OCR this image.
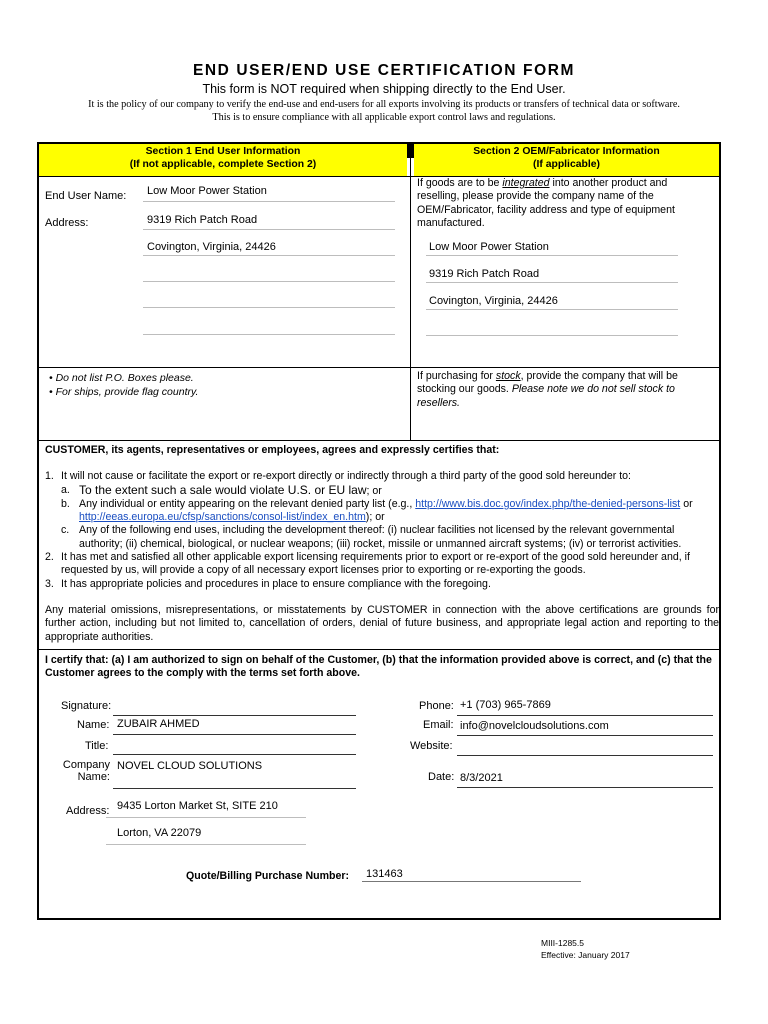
END USER/END USE CERTIFICATION FORM
This form is NOT required when shipping directly to the End User.
It is the policy of our company to verify the end-use and end-users for all exports involving its products or transfers of technical data or software.
This is to ensure compliance with all applicable export control laws and regulations.
Section 1 End User Information
(If not applicable, complete Section 2)
Section 2 OEM/Fabricator Information
(If applicable)
End User Name: Low Moor Power Station
Address:	9319 Rich Patch Road
Covington, Virginia, 24426
• Do not list P.O. Boxes please.
• For ships, provide flag country.
If goods are to be integrated into another product and reselling, please provide the company name of the OEM/Fabricator, facility address and type of equipment manufactured.
Low Moor Power Station
9319 Rich Patch Road
Covington, Virginia, 24426
If purchasing for stock, provide the company that will be stocking our goods. Please note we do not sell stock to resellers.

CUSTOMER, its agents, representatives or employees, agrees and expressly certifies that:

1. It will not cause or facilitate the export or re-export directly or indirectly through a third party of the good sold hereunder to:
a. To the extent such a sale would violate U.S. or EU law; or
b. Any individual or entity appearing on the relevant denied party list (e.g., http://www.bis.doc.gov/index.php/the-denied-persons-list or http://eeas.europa.eu/cfsp/sanctions/consol-list/index_en.htm); or
c. Any of the following end uses, including the development thereof: (i) nuclear facilities not licensed by the relevant governmental authority; (ii) chemical, biological, or nuclear weapons; (iii) rocket, missile or unmanned aircraft systems; (iv) or terrorist activities.
2. It has met and satisfied all other applicable export licensing requirements prior to export or re-export of the good sold hereunder and, if requested by us, will provide a copy of all necessary export licenses prior to exporting or re-exporting the goods.
3. It has appropriate policies and procedures in place to ensure compliance with the foregoing.

Any material omissions, misrepresentations, or misstatements by CUSTOMER in connection with the above certifications are grounds for further action, including but not limited to, cancellation of orders, denial of future business, and appropriate legal action and reporting to the appropriate authorities.

I certify that: (a) I am authorized to sign on behalf of the Customer, (b) that the information provided above is correct, and (c) that the Customer agrees to the comply with the terms set forth above.
Signature:
Name: ZUBAIR AHMED
Title:
Company
Name:
NOVEL CLOUD SOLUTIONS
Address: 9435 Lorton Market St, SITE 210
Lorton, VA 22079
Phone: +1 (703) 965-7869
Email: info@novelcloudsolutions.com
Website:
Date: 8/3/2021
Quote/Billing Purchase Number: 131463
MIII-1285.5
Effective: January 2017
